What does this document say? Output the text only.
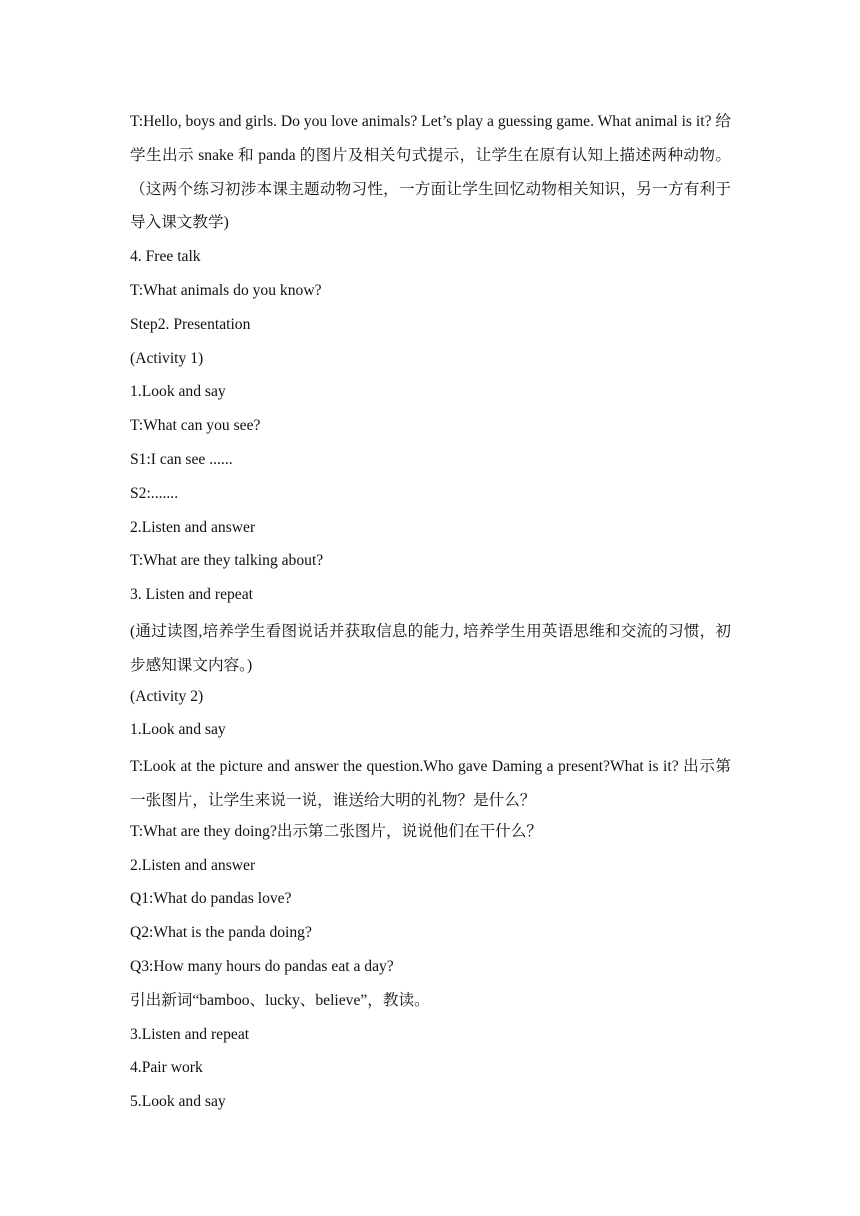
T:Hello, boys and girls. Do you love animals? Let’s play a guessing game. What animal is it? 给学生出示 snake 和 panda 的图片及相关句式提示，让学生在原有认知上描述两种动物。（这两个练习初涉本课主题动物习性，一方面让学生回忆动物相关知识，另一方有利于导入课文教学)
4. Free talk
T:What animals do you know?
Step2. Presentation
(Activity 1)
1.Look and say
T:What can you see?
S1:I can see ......
S2:.......
2.Listen and answer
T:What are they talking about?
3. Listen and repeat
(通过读图,培养学生看图说话并获取信息的能力, 培养学生用英语思维和交流的习惯，初步感知课文内容。)
(Activity 2)
1.Look and say
T:Look at the picture and answer the question.Who gave Daming a present?What is it? 出示第一张图片，让学生来说一说，谁送给大明的礼物？是什么？
T:What are they doing?出示第二张图片，说说他们在干什么？
2.Listen and answer
Q1:What do pandas love?
Q2:What is the panda doing?
Q3:How many hours do pandas eat a day?
引出新词“bamboo、lucky、believe”，教读。
3.Listen and repeat
4.Pair work
5.Look and say
